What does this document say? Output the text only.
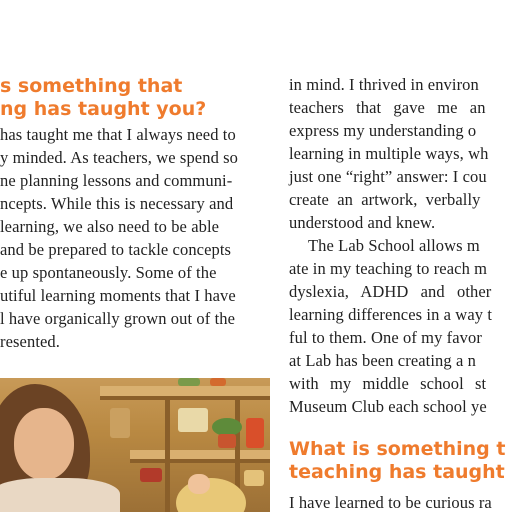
s something that
ng has taught you?
has taught me that I always need to
y minded. As teachers, we spend so
ne planning lessons and communi-
ncepts. While this is necessary and
learning, we also need to be able
and be prepared to tackle concepts
e up spontaneously. Some of the
utiful learning moments that I have
l have organically grown out of the
resented.
in mind. I thrived in environ
teachers that gave me an
express my understanding o
learning in multiple ways, wh
just one “right” answer: I cou
create an artwork, verbally
understood and knew.
The Lab School allows m
ate in my teaching to reach m
dyslexia, ADHD and other
learning differences in a way t
ful to them. One of my favor
at Lab has been creating a n
with my middle school st
Museum Club each school ye
What is something t
teaching has taught
I have learned to be curious ra
